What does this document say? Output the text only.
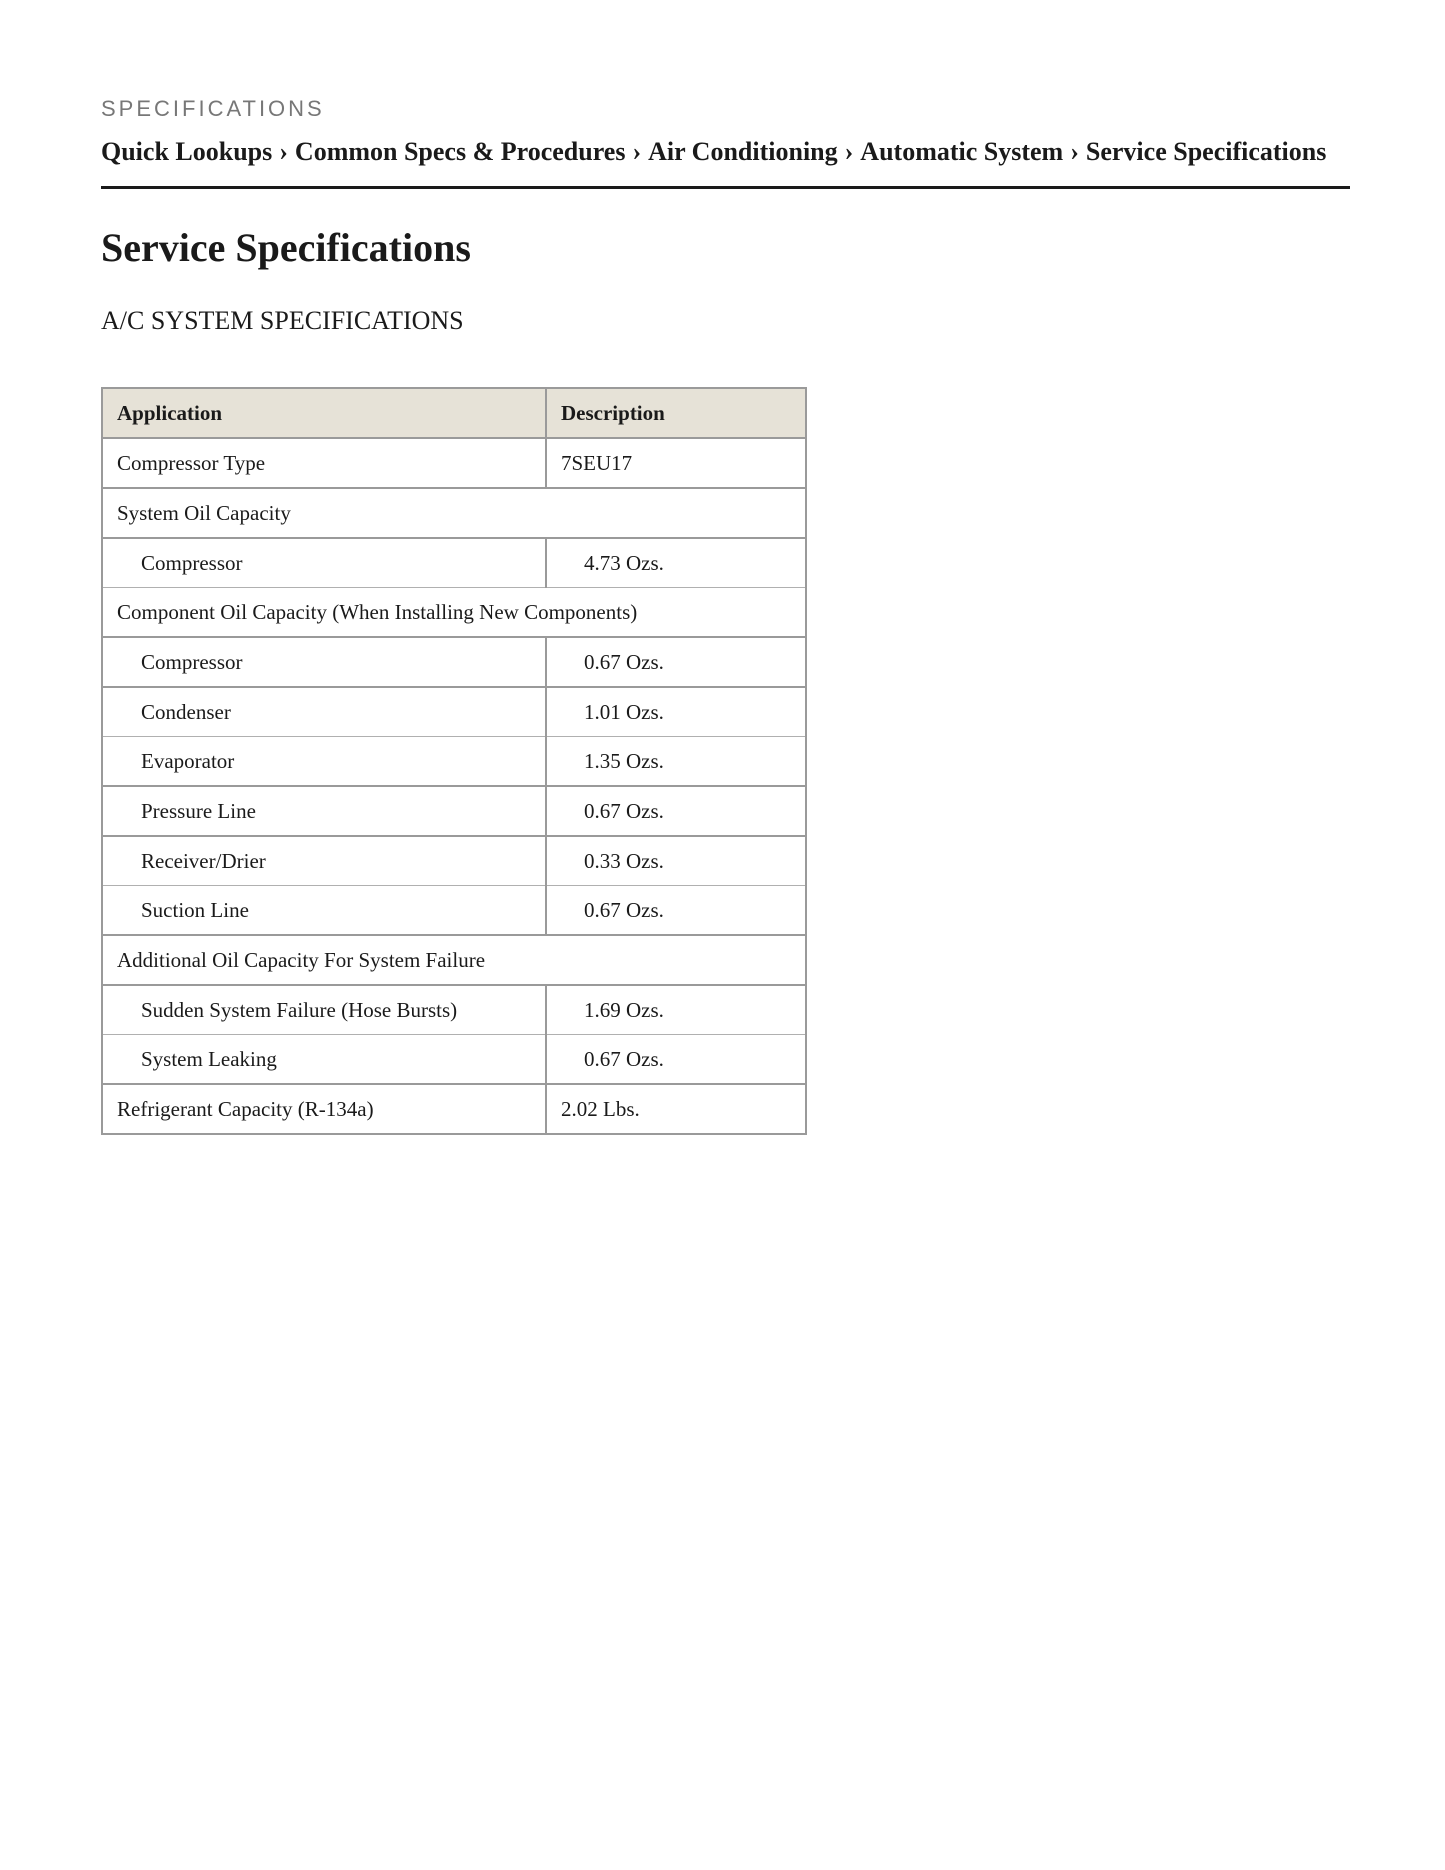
SPECIFICATIONS
Quick Lookups › Common Specs & Procedures › Air Conditioning › Automatic System › Service Specifications
Service Specifications
A/C SYSTEM SPECIFICATIONS
Application	Description
Compressor Type	7SEU17
System Oil Capacity	
Compressor	4.73 Ozs.
Component Oil Capacity (When Installing New Components)	
Compressor	0.67 Ozs.
Condenser	1.01 Ozs.
Evaporator	1.35 Ozs.
Pressure Line	0.67 Ozs.
Receiver/Drier	0.33 Ozs.
Suction Line	0.67 Ozs.
Additional Oil Capacity For System Failure	
Sudden System Failure (Hose Bursts)	1.69 Ozs.
System Leaking	0.67 Ozs.
Refrigerant Capacity (R-134a)	2.02 Lbs.
